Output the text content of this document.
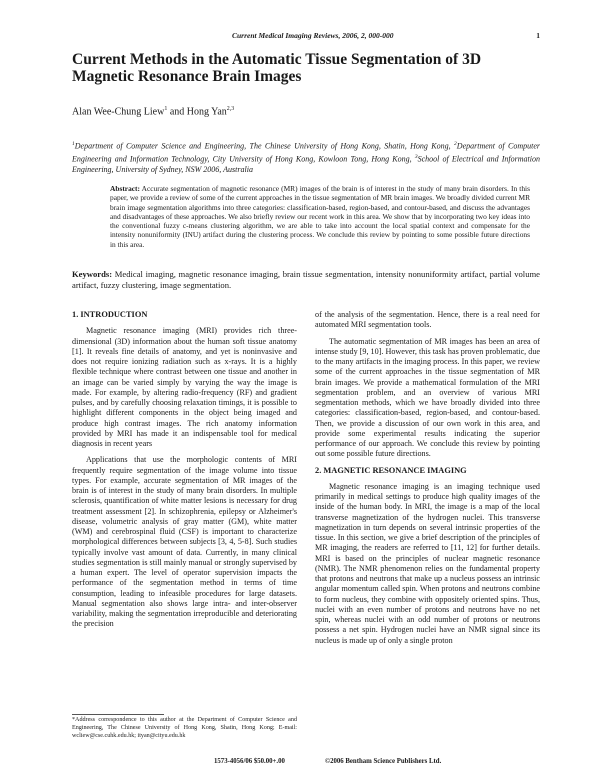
Current Medical Imaging Reviews, 2006, 2, 000-000	1
Current Methods in the Automatic Tissue Segmentation of 3D Magnetic Resonance Brain Images
Alan Wee-Chung Liew$^1$ and Hong Yan$^{2,3}$
$^1$Department of Computer Science and Engineering, The Chinese University of Hong Kong, Shatin, Hong Kong, $^2$Department of Computer Engineering and Information Technology, City University of Hong Kong, Kowloon Tong, Hong Kong, $^3$School of Electrical and Information Engineering, University of Sydney, NSW 2006, Australia
Abstract: Accurate segmentation of magnetic resonance (MR) images of the brain is of interest in the study of many brain disorders. In this paper, we provide a review of some of the current approaches in the tissue segmentation of MR brain images. We broadly divided current MR brain image segmentation algorithms into three categories: classification-based, region-based, and contour-based, and discuss the advantages and disadvantages of these approaches. We also briefly review our recent work in this area. We show that by incorporating two key ideas into the conventional fuzzy c-means clustering algorithm, we are able to take into account the local spatial context and compensate for the intensity nonuniformity (INU) artifact during the clustering process. We conclude this review by pointing to some possible future directions in this area.
Keywords: Medical imaging, magnetic resonance imaging, brain tissue segmentation, intensity nonuniformity artifact, partial volume artifact, fuzzy clustering, image segmentation.
1. INTRODUCTION

Magnetic resonance imaging (MRI) provides rich three-dimensional (3D) information about the human soft tissue anatomy [1]. It reveals fine details of anatomy, and yet is noninvasive and does not require ionizing radiation such as x-rays. It is a highly flexible technique where contrast between one tissue and another in an image can be varied simply by varying the way the image is made. For example, by altering radio-frequency (RF) and gradient pulses, and by carefully choosing relaxation timings, it is possible to highlight different components in the object being imaged and produce high contrast images. The rich anatomy information provided by MRI has made it an indispensable tool for medical diagnosis in recent years

Applications that use the morphologic contents of MRI frequently require segmentation of the image volume into tissue types. For example, accurate segmentation of MR images of the brain is of interest in the study of many brain disorders. In multiple sclerosis, quantification of white matter lesions is necessary for drug treatment assessment [2]. In schizophrenia, epilepsy or Alzheimer's disease, volumetric analysis of gray matter (GM), white matter (WM) and cerebrospinal fluid (CSF) is important to characterize morphological differences between subjects [3, 4, 5-8]. Such studies typically involve vast amount of data. Currently, in many clinical studies segmentation is still mainly manual or strongly supervised by a human expert. The level of operator supervision impacts the performance of the segmentation method in terms of time consumption, leading to infeasible procedures for large datasets. Manual segmentation also shows large intra- and inter-observer variability, making the segmentation irreproducible and deteriorating the precision

of the analysis of the segmentation. Hence, there is a real need for automated MRI segmentation tools.

The automatic segmentation of MR images has been an area of intense study [9, 10]. However, this task has proven problematic, due to the many artifacts in the imaging process. In this paper, we review some of the current approaches in the tissue segmentation of MR brain images. We provide a mathematical formulation of the MRI segmentation problem, and an overview of various MRI segmentation methods, which we have broadly divided into three categories: classification-based, region-based, and contour-based. Then, we provide a discussion of our own work in this area, and provide some experimental results indicating the superior performance of our approach. We conclude this review by pointing out some possible future directions.

2. MAGNETIC RESONANCE IMAGING

Magnetic resonance imaging is an imaging technique used primarily in medical settings to produce high quality images of the inside of the human body. In MRI, the image is a map of the local transverse magnetization of the hydrogen nuclei. This transverse magnetization in turn depends on several intrinsic properties of the tissue. In this section, we give a brief description of the principles of MR imaging, the readers are referred to [11, 12] for further details. MRI is based on the principles of nuclear magnetic resonance (NMR). The NMR phenomenon relies on the fundamental property that protons and neutrons that make up a nucleus possess an intrinsic angular momentum called spin. When protons and neutrons combine to form nucleus, they combine with oppositely oriented spins. Thus, nuclei with an even number of protons and neutrons have no net spin, whereas nuclei with an odd number of protons or neutrons possess a net spin. Hydrogen nuclei have an NMR signal since its nucleus is made up of only a single proton

*Address correspondence to this author at the Department of Computer Science and Engineering, The Chinese University of Hong Kong, Shatin, Hong Kong; E-mail: wcliew@cse.cuhk.edu.hk; ityan@cityu.edu.hk
1573-4056/06 $50.00+.00	©2006 Bentham Science Publishers Ltd.
